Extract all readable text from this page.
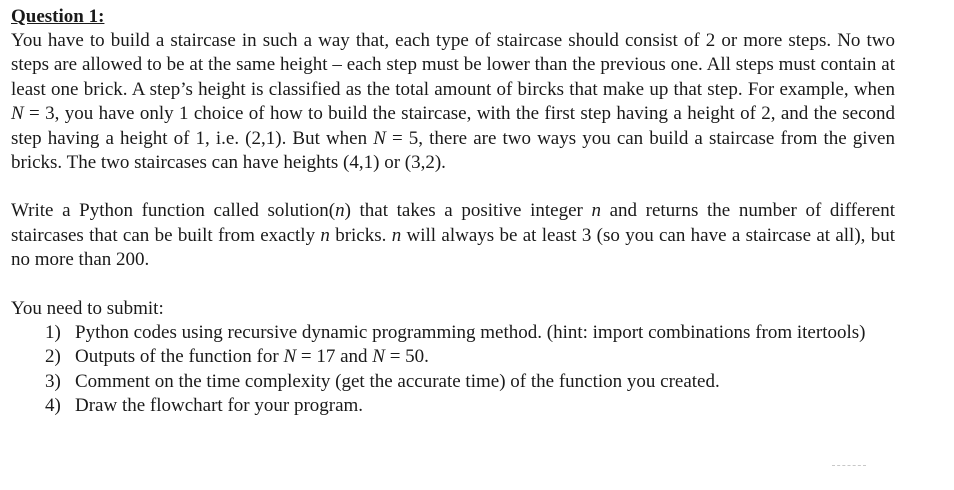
Question 1:

You have to build a staircase in such a way that, each type of staircase should consist of 2 or more steps. No two steps are allowed to be at the same height – each step must be lower than the previous one. All steps must contain at least one brick. A step’s height is classified as the total amount of bircks that make up that step. For example, when N = 3, you have only 1 choice of how to build the staircase, with the first step having a height of 2, and the second step having a height of 1, i.e. (2,1). But when N = 5, there are two ways you can build a staircase from the given bricks. The two staircases can have heights (4,1) or (3,2).

Write a Python function called solution(n) that takes a positive integer n and returns the number of different staircases that can be built from exactly n bricks. n will always be at least 3 (so you can have a staircase at all), but no more than 200.

You need to submit:
1) Python codes using recursive dynamic programming method. (hint: import combinations from itertools)
2) Outputs of the function for N = 17 and N = 50.
3) Comment on the time complexity (get the accurate time) of the function you created.
4) Draw the flowchart for your program.
